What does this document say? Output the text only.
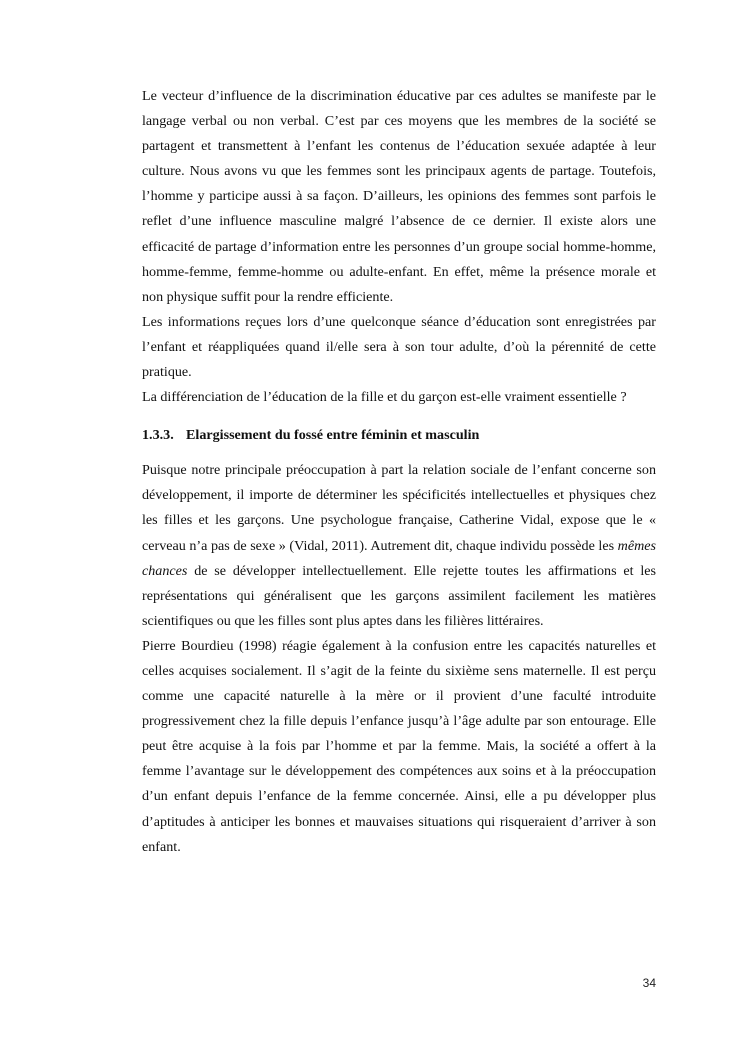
Le vecteur d’influence de la discrimination éducative par ces adultes se manifeste par le langage verbal ou non verbal. C’est par ces moyens que les membres de la société se partagent et transmettent à l’enfant les contenus de l’éducation sexuée adaptée à leur culture. Nous avons vu que les femmes sont les principaux agents de partage. Toutefois, l’homme y participe aussi à sa façon. D’ailleurs, les opinions des femmes sont parfois le reflet d’une influence masculine malgré l’absence de ce dernier. Il existe alors une efficacité de partage d’information entre les personnes d’un groupe social homme-homme, homme-femme, femme-homme ou adulte-enfant. En effet, même la présence morale et non physique suffit pour la rendre efficiente.

Les informations reçues lors d’une quelconque séance d’éducation sont enregistrées par l’enfant et réappliquées quand il/elle sera à son tour adulte, d’où la pérennité de cette pratique.

La différenciation de l’éducation de la fille et du garçon est-elle vraiment essentielle ?

1.3.3. Elargissement du fossé entre féminin et masculin

Puisque notre principale préoccupation à part la relation sociale de l’enfant concerne son développement, il importe de déterminer les spécificités intellectuelles et physiques chez les filles et les garçons. Une psychologue française, Catherine Vidal, expose que le « cerveau n’a pas de sexe » (Vidal, 2011). Autrement dit, chaque individu possède les mêmes chances de se développer intellectuellement. Elle rejette toutes les affirmations et les représentations qui généralisent que les garçons assimilent facilement les matières scientifiques ou que les filles sont plus aptes dans les filières littéraires.

Pierre Bourdieu (1998) réagie également à la confusion entre les capacités naturelles et celles acquises socialement. Il s’agit de la feinte du sixième sens maternelle. Il est perçu comme une capacité naturelle à la mère or il provient d’une faculté introduite progressivement chez la fille depuis l’enfance jusqu’à l’âge adulte par son entourage. Elle peut être acquise à la fois par l’homme et par la femme. Mais, la société a offert à la femme l’avantage sur le développement des compétences aux soins et à la préoccupation d’un enfant depuis l’enfance de la femme concernée. Ainsi, elle a pu développer plus d’aptitudes à anticiper les bonnes et mauvaises situations qui risqueraient d’arriver à son enfant.

34
